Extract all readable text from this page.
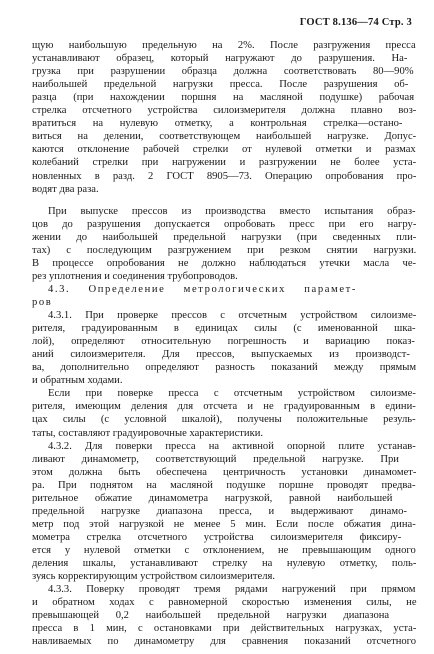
ГОСТ 8.136—74 Стр. 3
щую наибольшую предельную на 2%. После разгружения пресса
устанавливают образец, который нагружают до разрушения. На-
грузка при разрушении образца должна соответствовать 80—90%
наибольшей предельной нагрузки пресса. После разрушения об-
разца (при нахождении поршня на масляной подушке) рабочая
стрелка отсчетного устройства силоизмерителя должна плавно воз-
вратиться на нулевую отметку, а контрольная стрелка—остано-
виться на делении, соответствующем наибольшей нагрузке. Допус-
каются отклонение рабочей стрелки от нулевой отметки и размах
колебаний стрелки при нагружении и разгружении не более уста-
новленных в разд. 2 ГОСТ 8905—73. Операцию опробования про-
водят два раза.
При выпуске прессов из производства вместо испытания образ-
цов до разрушения допускается опробовать пресс при его нагру-
жении до наибольшей предельной нагрузки (при сведенных пли-
тах) с последующим разгружением при резком снятии нагрузки.
В процессе опробования не должно наблюдаться утечки масла че-
рез уплотнения и соединения трубопроводов.
4.3. Определение метрологических парамет-
ров
4.3.1. При проверке прессов с отсчетным устройством силоизме-
рителя, градуированным в единицах силы (с именованной шка-
лой), определяют относительную погрешность и вариацию показ-
аний силоизмерителя. Для прессов, выпускаемых из производст-
ва, дополнительно определяют разность показаний между прямым
и обратным ходами.
Если при поверке пресса с отсчетным устройством силоизме-
рителя, имеющим деления для отсчета и не градуированным в едини-
цах силы (с условной шкалой), получены положительные резуль-
таты, составляют градуировочные характеристики.
4.3.2. Для поверки пресса на активной опорной плите устанав-
ливают динамометр, соответствующий предельной нагрузке. При
этом должна быть обеспечена центричность установки динамомет-
ра. При поднятом на масляной подушке поршне проводят предва-
рительное обжатие динамометра нагрузкой, равной наибольшей
предельной нагрузке диапазона пресса, и выдерживают динамо-
метр под этой нагрузкой не менее 5 мин. Если после обжатия дина-
мометра стрелка отсчетного устройства силоизмерителя фиксиру-
ется у нулевой отметки с отклонением, не превышающим одного
деления шкалы, устанавливают стрелку на нулевую отметку, поль-
зуясь корректирующим устройством силоизмерителя.
4.3.3. Поверку проводят тремя рядами нагружений при прямом
и обратном ходах с равномерной скоростью изменения силы, не
превышающей 0,2 наибольшей предельной нагрузки диапазона
пресса в 1 мин, с остановками при действительных нагрузках, уста-
навливаемых по динамометру для сравнения показаний отсчетного
